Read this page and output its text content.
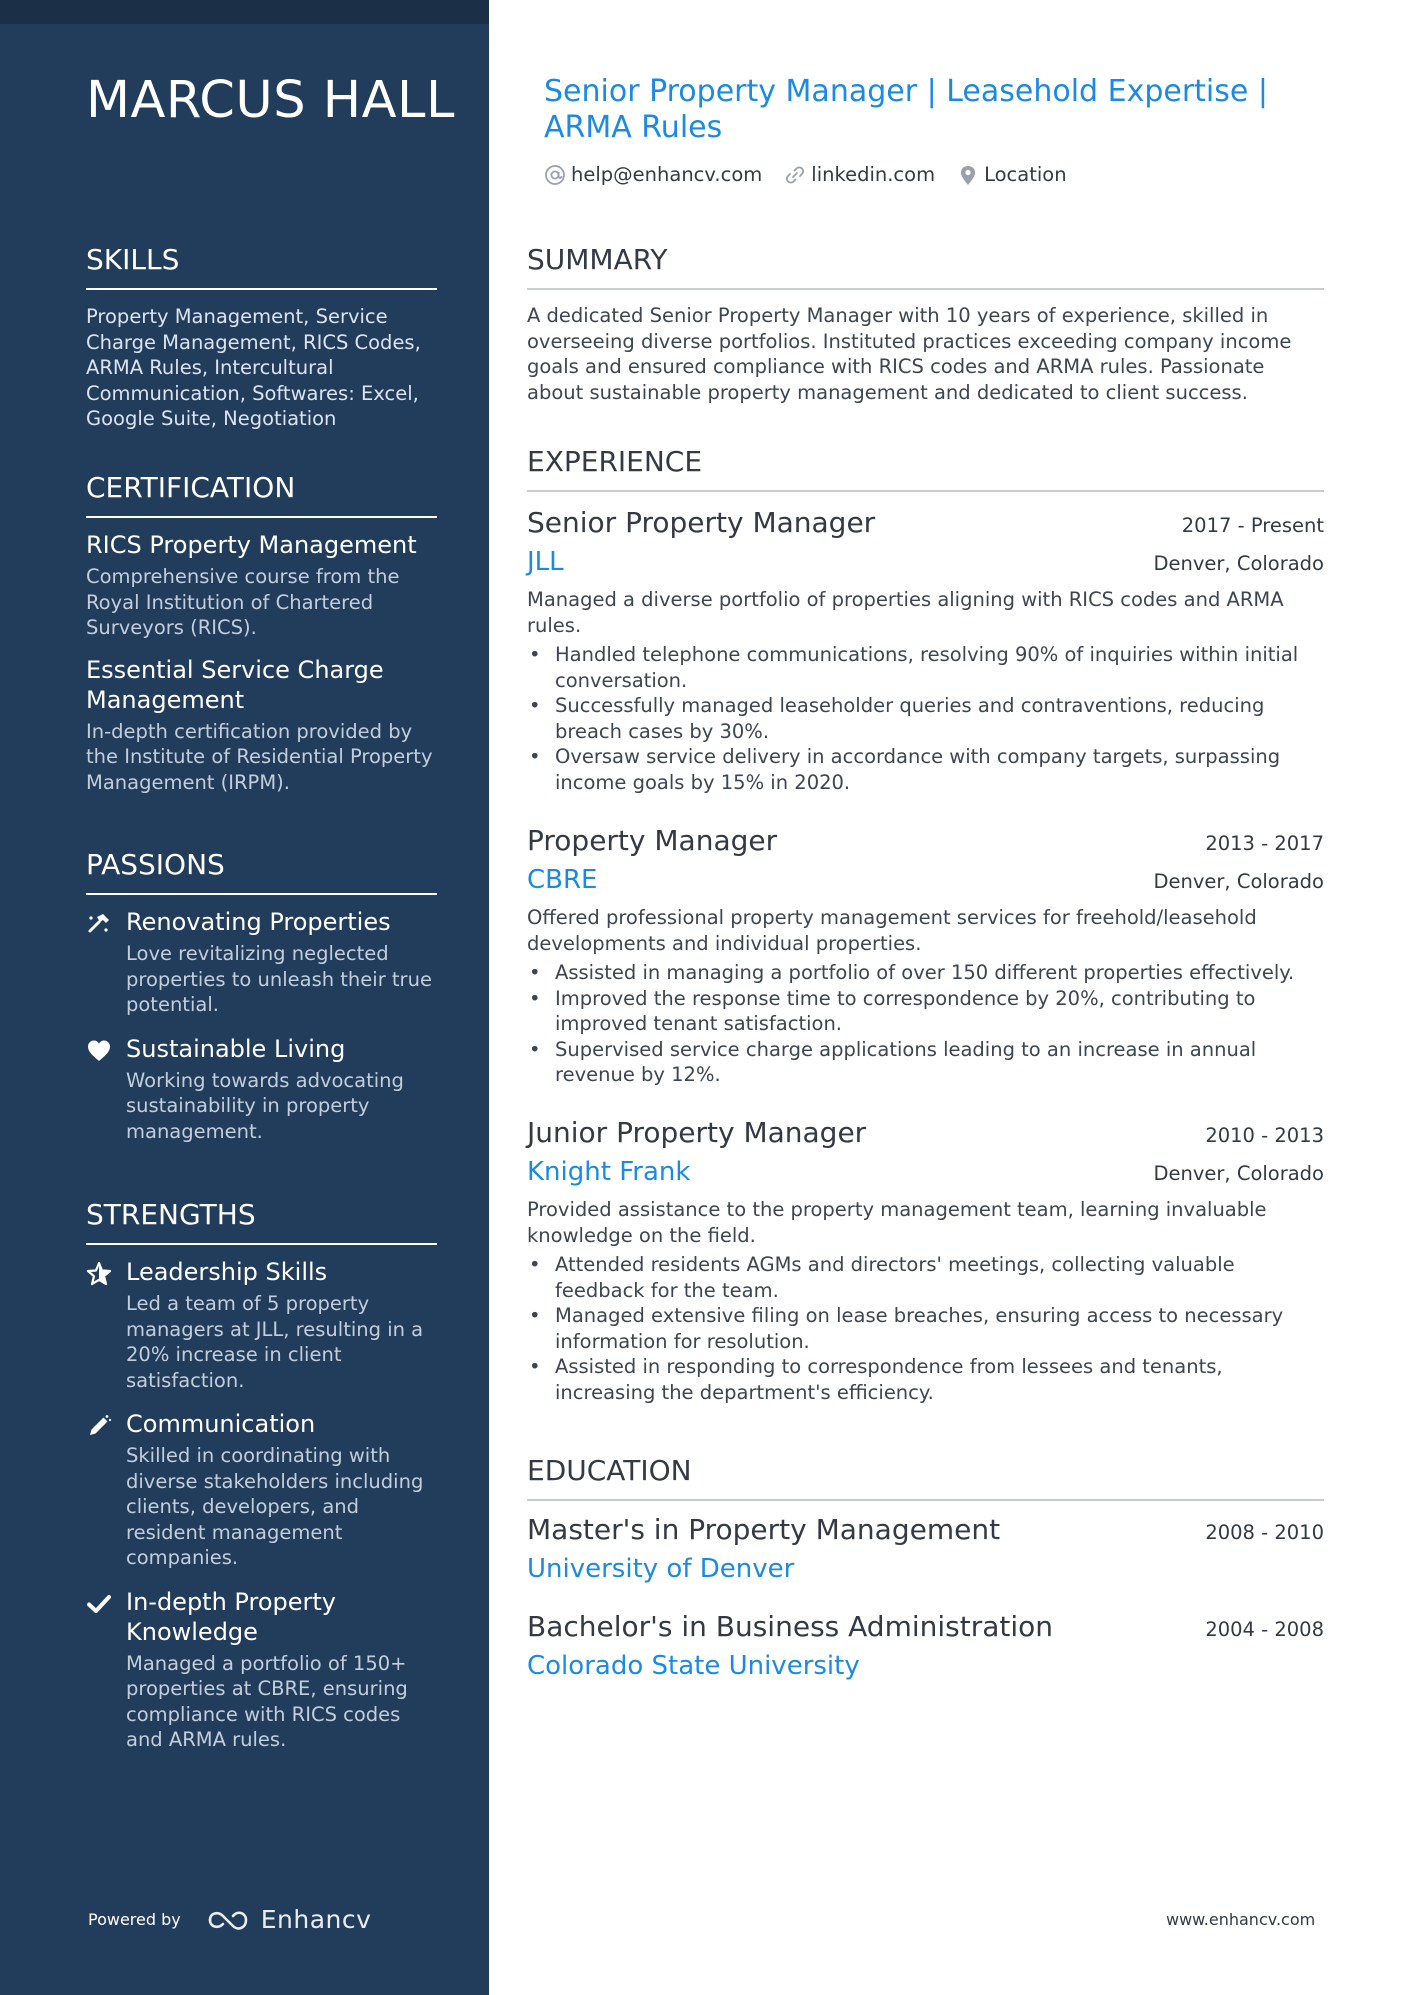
MARCUS HALL
SKILLS

Property Management, Service Charge Management, RICS Codes, ARMA Rules, Intercultural Communication, Softwares: Excel, Google Suite, Negotiation

CERTIFICATION
RICS Property Management
Comprehensive course from the Royal Institution of Chartered Surveyors (RICS).
Essential Service Charge Management
In-depth certification provided by the Institute of Residential Property Management (IRPM).
PASSIONS
Renovating Properties
Love revitalizing neglected properties to unleash their true potential.
Sustainable Living
Working towards advocating sustainability in property management.
STRENGTHS
Leadership Skills
Led a team of 5 property managers at JLL, resulting in a 20% increase in client satisfaction.
Communication
Skilled in coordinating with diverse stakeholders including clients, developers, and resident management companies.
In-depth Property Knowledge
Managed a portfolio of 150+ properties at CBRE, ensuring compliance with RICS codes and ARMA rules.
Powered by	Enhancv
Senior Property Manager | Leasehold Expertise | ARMA Rules
help@enhancv.com	linkedin.com	Location
SUMMARY

A dedicated Senior Property Manager with 10 years of experience, skilled in overseeing diverse portfolios. Instituted practices exceeding company income goals and ensured compliance with RICS codes and ARMA rules. Passionate about sustainable property management and dedicated to client success.

EXPERIENCE
Senior Property Manager	2017 - Present
JLL	Denver, Colorado

Managed a diverse portfolio of properties aligning with RICS codes and ARMA rules.

• Handled telephone communications, resolving 90% of inquiries within initial conversation.
• Successfully managed leaseholder queries and contraventions, reducing breach cases by 30%.
• Oversaw service delivery in accordance with company targets, surpassing income goals by 15% in 2020.
Property Manager	2013 - 2017
CBRE	Denver, Colorado

Offered professional property management services for freehold/leasehold developments and individual properties.

• Assisted in managing a portfolio of over 150 different properties effectively.
• Improved the response time to correspondence by 20%, contributing to improved tenant satisfaction.
• Supervised service charge applications leading to an increase in annual revenue by 12%.
Junior Property Manager	2010 - 2013
Knight Frank	Denver, Colorado

Provided assistance to the property management team, learning invaluable knowledge on the field.

• Attended residents AGMs and directors' meetings, collecting valuable feedback for the team.
• Managed extensive filing on lease breaches, ensuring access to necessary information for resolution.
• Assisted in responding to correspondence from lessees and tenants, increasing the department's efficiency.
EDUCATION
Master's in Property Management	2008 - 2010
University of Denver
Bachelor's in Business Administration	2004 - 2008
Colorado State University
www.enhancv.com
